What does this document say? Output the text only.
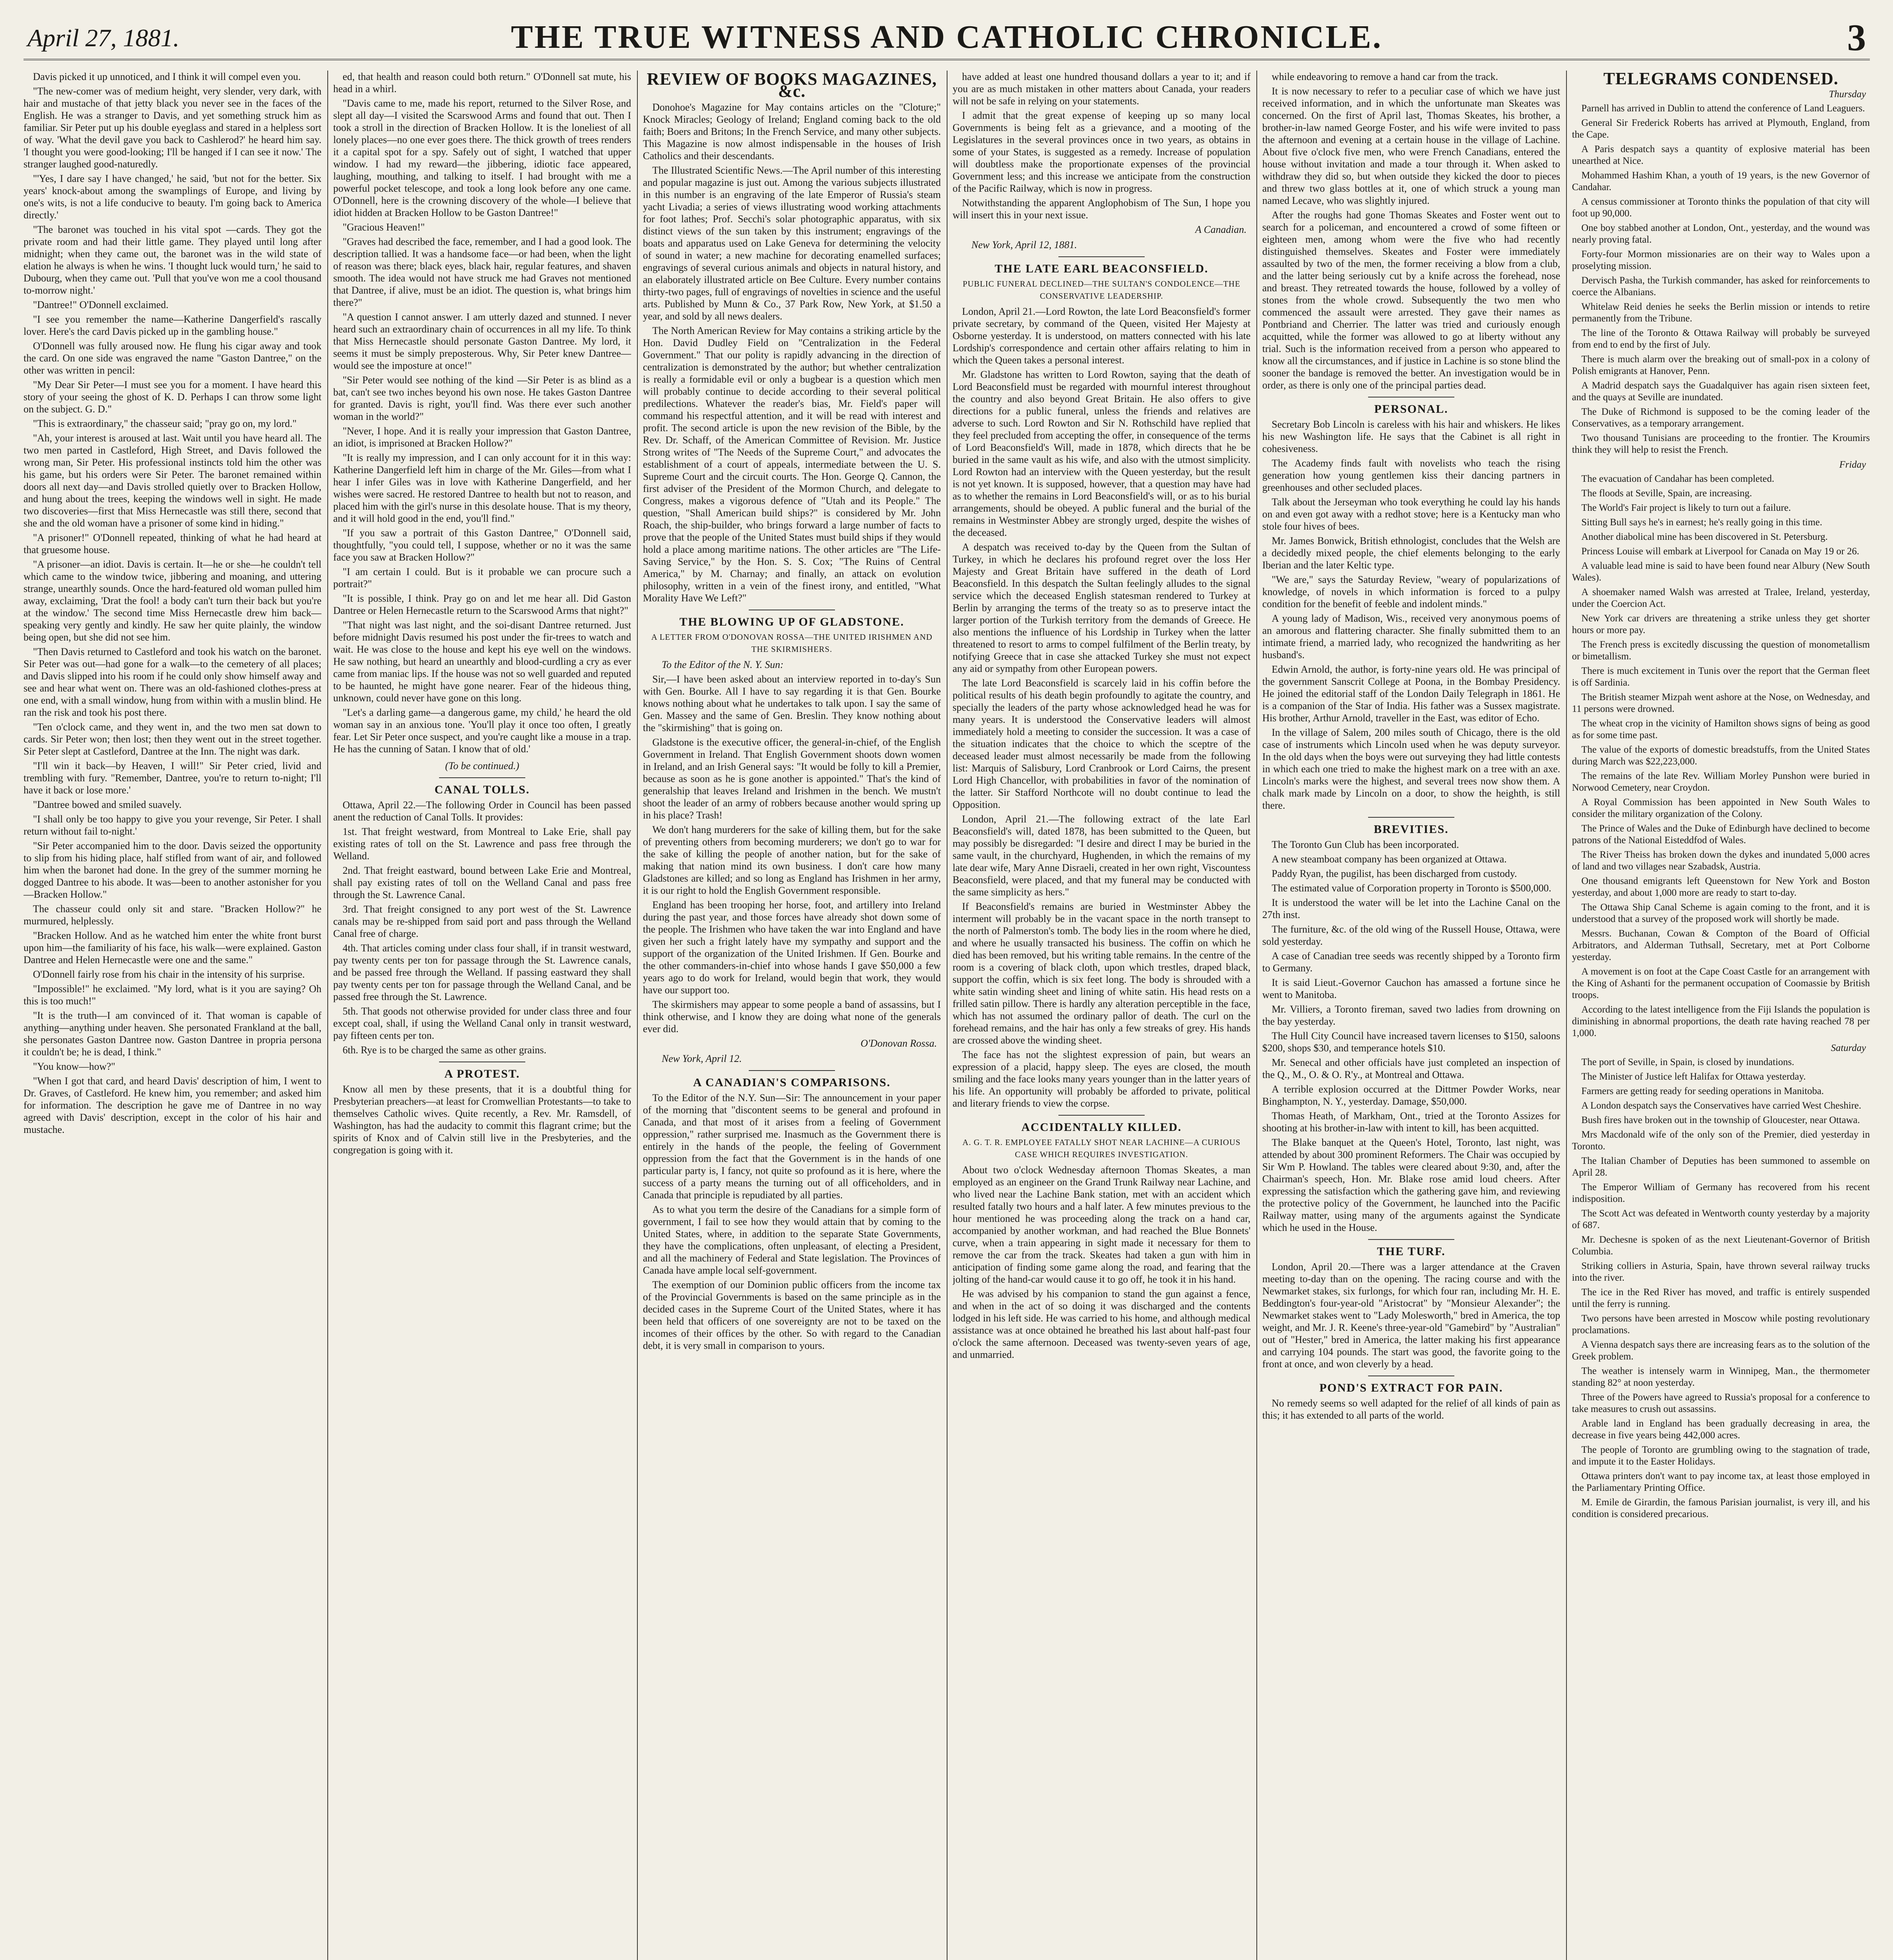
April 27, 1881.	THE TRUE WITNESS AND CATHOLIC CHRONICLE.	3

Davis picked it up unnoticed, and I think it will compel even you.

"The new-comer was of medium height, very slender, very dark, with hair and mustache of that jetty black you never see in the faces of the English. He was a stranger to Davis, and yet something struck him as familiar. Sir Peter put up his double eyeglass and stared in a helpless sort of way. 'What the devil gave you back to Cashlerod?' he heard him say. 'I thought you were good-looking; I'll be hanged if I can see it now.' The stranger laughed good-naturedly.

"'Yes, I dare say I have changed,' he said, 'but not for the better. Six years' knock-about among the swamplings of Europe, and living by one's wits, is not a life conducive to beauty. I'm going back to America directly.'

"The baronet was touched in his vital spot —cards. They got the private room and had their little game. They played until long after midnight; when they came out, the baronet was in the wild state of elation he always is when he wins. 'I thought luck would turn,' he said to Dubourg, when they came out. 'Pull that you've won me a cool thousand to-morrow night.'

"Dantree!" O'Donnell exclaimed.

"I see you remember the name—Katherine Dangerfield's rascally lover. Here's the card Davis picked up in the gambling house."

O'Donnell was fully aroused now. He flung his cigar away and took the card. On one side was engraved the name "Gaston Dantree," on the other was written in pencil:

"My Dear Sir Peter—I must see you for a moment. I have heard this story of your seeing the ghost of K. D. Perhaps I can throw some light on the subject. G. D."

"This is extraordinary," the chasseur said; "pray go on, my lord."

"Ah, your interest is aroused at last. Wait until you have heard all. The two men parted in Castleford, High Street, and Davis followed the wrong man, Sir Peter. His professional instincts told him the other was his game, but his orders were Sir Peter. The baronet remained within doors all next day—and Davis strolled quietly over to Bracken Hollow, and hung about the trees, keeping the windows well in sight. He made two discoveries—first that Miss Hernecastle was still there, second that she and the old woman have a prisoner of some kind in hiding."

"A prisoner!" O'Donnell repeated, thinking of what he had heard at that gruesome house.

"A prisoner—an idiot. Davis is certain. It—he or she—he couldn't tell which came to the window twice, jibbering and moaning, and uttering strange, unearthly sounds. Once the hard-featured old woman pulled him away, exclaiming, 'Drat the fool! a body can't turn their back but you're at the window.' The second time Miss Hernecastle drew him back—speaking very gently and kindly. He saw her quite plainly, the window being open, but she did not see him.

"Then Davis returned to Castleford and took his watch on the baronet. Sir Peter was out—had gone for a walk—to the cemetery of all places; and Davis slipped into his room if he could only show himself away and see and hear what went on. There was an old-fashioned clothes-press at one end, with a small window, hung from within with a muslin blind. He ran the risk and took his post there.

"Ten o'clock came, and they went in, and the two men sat down to cards. Sir Peter won; then lost; then they went out in the street together. Sir Peter slept at Castleford, Dantree at the Inn. The night was dark.

"I'll win it back—by Heaven, I will!" Sir Peter cried, livid and trembling with fury. "Remember, Dantree, you're to return to-night; I'll have it back or lose more.'

"Dantree bowed and smiled suavely.

"I shall only be too happy to give you your revenge, Sir Peter. I shall return without fail to-night.'

"Sir Peter accompanied him to the door. Davis seized the opportunity to slip from his hiding place, half stifled from want of air, and followed him when the baronet had done. In the grey of the summer morning he dogged Dantree to his abode. It was—been to another astonisher for you—Bracken Hollow."

The chasseur could only sit and stare. "Bracken Hollow?" he murmured, helplessly.

"Bracken Hollow. And as he watched him enter the white front burst upon him—the familiarity of his face, his walk—were explained. Gaston Dantree and Helen Hernecastle were one and the same."

O'Donnell fairly rose from his chair in the intensity of his surprise.

"Impossible!" he exclaimed. "My lord, what is it you are saying? Oh this is too much!"

"It is the truth—I am convinced of it. That woman is capable of anything—anything under heaven. She personated Frankland at the ball, she personates Gaston Dantree now. Gaston Dantree in propria persona it couldn't be; he is dead, I think."

"You know—how?"

"When I got that card, and heard Davis' description of him, I went to Dr. Graves, of Castleford. He knew him, you remember; and asked him for information. The description he gave me of Dantree in no way agreed with Davis' description, except in the color of his hair and mustache.

ed, that health and reason could both return." O'Donnell sat mute, his head in a whirl.

"Davis came to me, made his report, returned to the Silver Rose, and slept all day—I visited the Scarswood Arms and found that out. Then I took a stroll in the direction of Bracken Hollow. It is the loneliest of all lonely places—no one ever goes there. The thick growth of trees renders it a capital spot for a spy. Safely out of sight, I watched that upper window. I had my reward—the jibbering, idiotic face appeared, laughing, mouthing, and talking to itself. I had brought with me a powerful pocket telescope, and took a long look before any one came. O'Donnell, here is the crowning discovery of the whole—I believe that idiot hidden at Bracken Hollow to be Gaston Dantree!"

"Gracious Heaven!"

"Graves had described the face, remember, and I had a good look. The description tallied. It was a handsome face—or had been, when the light of reason was there; black eyes, black hair, regular features, and shaven smooth. The idea would not have struck me had Graves not mentioned that Dantree, if alive, must be an idiot. The question is, what brings him there?"

"A question I cannot answer. I am utterly dazed and stunned. I never heard such an extraordinary chain of occurrences in all my life. To think that Miss Hernecastle should personate Gaston Dantree. My lord, it seems it must be simply preposterous. Why, Sir Peter knew Dantree—would see the imposture at once!"

"Sir Peter would see nothing of the kind —Sir Peter is as blind as a bat, can't see two inches beyond his own nose. He takes Gaston Dantree for granted. Davis is right, you'll find. Was there ever such another woman in the world?"

"Never, I hope. And it is really your impression that Gaston Dantree, an idiot, is imprisoned at Bracken Hollow?"

"It is really my impression, and I can only account for it in this way: Katherine Dangerfield left him in charge of the Mr. Giles—from what I hear I infer Giles was in love with Katherine Dangerfield, and her wishes were sacred. He restored Dantree to health but not to reason, and placed him with the girl's nurse in this desolate house. That is my theory, and it will hold good in the end, you'll find."

"If you saw a portrait of this Gaston Dantree," O'Donnell said, thoughtfully, "you could tell, I suppose, whether or no it was the same face you saw at Bracken Hollow?"

"I am certain I could. But is it probable we can procure such a portrait?"

"It is possible, I think. Pray go on and let me hear all. Did Gaston Dantree or Helen Hernecastle return to the Scarswood Arms that night?"

"That night was last night, and the soi-disant Dantree returned. Just before midnight Davis resumed his post under the fir-trees to watch and wait. He was close to the house and kept his eye well on the windows. He saw nothing, but heard an unearthly and blood-curdling a cry as ever came from maniac lips. If the house was not so well guarded and reputed to be haunted, he might have gone nearer. Fear of the hideous thing, unknown, could never have gone on this long.

"Let's a darling game—a dangerous game, my child,' he heard the old woman say in an anxious tone. 'You'll play it once too often, I greatly fear. Let Sir Peter once suspect, and you're caught like a mouse in a trap. He has the cunning of Satan. I know that of old.'

(To be continued.)
CANAL TOLLS.

Ottawa, April 22.—The following Order in Council has been passed anent the reduction of Canal Tolls. It provides:

1st. That freight westward, from Montreal to Lake Erie, shall pay existing rates of toll on the St. Lawrence and pass free through the Welland.

2nd. That freight eastward, bound between Lake Erie and Montreal, shall pay existing rates of toll on the Welland Canal and pass free through the St. Lawrence Canal.

3rd. That freight consigned to any port west of the St. Lawrence canals may be re-shipped from said port and pass through the Welland Canal free of charge.

4th. That articles coming under class four shall, if in transit westward, pay twenty cents per ton for passage through the St. Lawrence canals, and be passed free through the Welland. If passing eastward they shall pay twenty cents per ton for passage through the Welland Canal, and be passed free through the St. Lawrence.

5th. That goods not otherwise provided for under class three and four except coal, shall, if using the Welland Canal only in transit westward, pay fifteen cents per ton.

6th. Rye is to be charged the same as other grains.

A PROTEST.

Know all men by these presents, that it is a doubtful thing for Presbyterian preachers—at least for Cromwellian Protestants—to take to themselves Catholic wives. Quite recently, a Rev. Mr. Ramsdell, of Washington, has had the audacity to commit this flagrant crime; but the spirits of Knox and of Calvin still live in the Presbyteries, and the congregation is going with it.

REVIEW OF BOOKS MAGAZINES, &c.

Donohoe's Magazine for May contains articles on the "Cloture;" Knock Miracles; Geology of Ireland; England coming back to the old faith; Boers and Britons; In the French Service, and many other subjects. This Magazine is now almost indispensable in the houses of Irish Catholics and their descendants.

The Illustrated Scientific News.—The April number of this interesting and popular magazine is just out. Among the various subjects illustrated in this number is an engraving of the late Emperor of Russia's steam yacht Livadia; a series of views illustrating wood working attachments for foot lathes; Prof. Secchi's solar photographic apparatus, with six distinct views of the sun taken by this instrument; engravings of the boats and apparatus used on Lake Geneva for determining the velocity of sound in water; a new machine for decorating enamelled surfaces; engravings of several curious animals and objects in natural history, and an elaborately illustrated article on Bee Culture. Every number contains thirty-two pages, full of engravings of novelties in science and the useful arts. Published by Munn & Co., 37 Park Row, New York, at $1.50 a year, and sold by all news dealers.

The North American Review for May contains a striking article by the Hon. David Dudley Field on "Centralization in the Federal Government." That our polity is rapidly advancing in the direction of centralization is demonstrated by the author; but whether centralization is really a formidable evil or only a bugbear is a question which men will probably continue to decide according to their several political predilections. Whatever the reader's bias, Mr. Field's paper will command his respectful attention, and it will be read with interest and profit. The second article is upon the new revision of the Bible, by the Rev. Dr. Schaff, of the American Committee of Revision. Mr. Justice Strong writes of "The Needs of the Supreme Court," and advocates the establishment of a court of appeals, intermediate between the U. S. Supreme Court and the circuit courts. The Hon. George Q. Cannon, the first adviser of the President of the Mormon Church, and delegate to Congress, makes a vigorous defence of "Utah and its People." The question, "Shall American build ships?" is considered by Mr. John Roach, the ship-builder, who brings forward a large number of facts to prove that the people of the United States must build ships if they would hold a place among maritime nations. The other articles are "The Life-Saving Service," by the Hon. S. S. Cox; "The Ruins of Central America," by M. Charnay; and finally, an attack on evolution philosophy, written in a vein of the finest irony, and entitled, "What Morality Have We Left?"

THE BLOWING UP OF GLADSTONE.
A LETTER FROM O'DONOVAN ROSSA—THE UNITED IRISHMEN AND THE SKIRMISHERS.

To the Editor of the N. Y. Sun:

Sir,—I have been asked about an interview reported in to-day's Sun with Gen. Bourke. All I have to say regarding it is that Gen. Bourke knows nothing about what he undertakes to talk upon. I say the same of Gen. Massey and the same of Gen. Breslin. They know nothing about the "skirmishing" that is going on.

Gladstone is the executive officer, the general-in-chief, of the English Government in Ireland. That English Government shoots down women in Ireland, and an Irish General says: "It would be folly to kill a Premier, because as soon as he is gone another is appointed." That's the kind of generalship that leaves Ireland and Irishmen in the bench. We mustn't shoot the leader of an army of robbers because another would spring up in his place? Trash!

We don't hang murderers for the sake of killing them, but for the sake of preventing others from becoming murderers; we don't go to war for the sake of killing the people of another nation, but for the sake of making that nation mind its own business. I don't care how many Gladstones are killed; and so long as England has Irishmen in her army, it is our right to hold the English Government responsible.

England has been trooping her horse, foot, and artillery into Ireland during the past year, and those forces have already shot down some of the people. The Irishmen who have taken the war into England and have given her such a fright lately have my sympathy and support and the support of the organization of the United Irishmen. If Gen. Bourke and the other commanders-in-chief into whose hands I gave $50,000 a few years ago to do work for Ireland, would begin that work, they would have our support too.

The skirmishers may appear to some people a band of assassins, but I think otherwise, and I know they are doing what none of the generals ever did.

O'Donovan Rossa.

New York, April 12.

A CANADIAN'S COMPARISONS.

To the Editor of the N.Y. Sun—Sir: The announcement in your paper of the morning that "discontent seems to be general and profound in Canada, and that most of it arises from a feeling of Government oppression," rather surprised me. Inasmuch as the Government there is entirely in the hands of the people, the feeling of Government oppression from the fact that the Government is in the hands of one particular party is, I fancy, not quite so profound as it is here, where the success of a party means the turning out of all officeholders, and in Canada that principle is repudiated by all parties.

As to what you term the desire of the Canadians for a simple form of government, I fail to see how they would attain that by coming to the United States, where, in addition to the separate State Governments, they have the complications, often unpleasant, of electing a President, and all the machinery of Federal and State legislation. The Provinces of Canada have ample local self-government.

The exemption of our Dominion public officers from the income tax of the Provincial Governments is based on the same principle as in the decided cases in the Supreme Court of the United States, where it has been held that officers of one sovereignty are not to be taxed on the incomes of their offices by the other. So with regard to the Canadian debt, it is very small in comparison to yours.

have added at least one hundred thousand dollars a year to it; and if you are as much mistaken in other matters about Canada, your readers will not be safe in relying on your statements.

I admit that the great expense of keeping up so many local Governments is being felt as a grievance, and a mooting of the Legislatures in the several provinces once in two years, as obtains in some of your States, is suggested as a remedy. Increase of population will doubtless make the proportionate expenses of the provincial Government less; and this increase we anticipate from the construction of the Pacific Railway, which is now in progress.

Notwithstanding the apparent Anglophobism of The Sun, I hope you will insert this in your next issue.

A Canadian.

New York, April 12, 1881.

THE LATE EARL BEACONSFIELD.
PUBLIC FUNERAL DECLINED—THE SULTAN'S CONDOLENCE—THE CONSERVATIVE LEADERSHIP.

London, April 21.—Lord Rowton, the late Lord Beaconsfield's former private secretary, by command of the Queen, visited Her Majesty at Osborne yesterday. It is understood, on matters connected with his late Lordship's correspondence and certain other affairs relating to him in which the Queen takes a personal interest.

Mr. Gladstone has written to Lord Rowton, saying that the death of Lord Beaconsfield must be regarded with mournful interest throughout the country and also beyond Great Britain. He also offers to give directions for a public funeral, unless the friends and relatives are adverse to such. Lord Rowton and Sir N. Rothschild have replied that they feel precluded from accepting the offer, in consequence of the terms of Lord Beaconsfield's Will, made in 1878, which directs that he be buried in the same vault as his wife, and also with the utmost simplicity. Lord Rowton had an interview with the Queen yesterday, but the result is not yet known. It is supposed, however, that a question may have had as to whether the remains in Lord Beaconsfield's will, or as to his burial arrangements, should be obeyed. A public funeral and the burial of the remains in Westminster Abbey are strongly urged, despite the wishes of the deceased.

A despatch was received to-day by the Queen from the Sultan of Turkey, in which he declares his profound regret over the loss Her Majesty and Great Britain have suffered in the death of Lord Beaconsfield. In this despatch the Sultan feelingly alludes to the signal service which the deceased English statesman rendered to Turkey at Berlin by arranging the terms of the treaty so as to preserve intact the larger portion of the Turkish territory from the demands of Greece. He also mentions the influence of his Lordship in Turkey when the latter threatened to resort to arms to compel fulfilment of the Berlin treaty, by notifying Greece that in case she attacked Turkey she must not expect any aid or sympathy from other European powers.

The late Lord Beaconsfield is scarcely laid in his coffin before the political results of his death begin profoundly to agitate the country, and specially the leaders of the party whose acknowledged head he was for many years. It is understood the Conservative leaders will almost immediately hold a meeting to consider the succession. It was a case of the situation indicates that the choice to which the sceptre of the deceased leader must almost necessarily be made from the following list: Marquis of Salisbury, Lord Cranbrook or Lord Cairns, the present Lord High Chancellor, with probabilities in favor of the nomination of the latter. Sir Stafford Northcote will no doubt continue to lead the Opposition.

London, April 21.—The following extract of the late Earl Beaconsfield's will, dated 1878, has been submitted to the Queen, but may possibly be disregarded: "I desire and direct I may be buried in the same vault, in the churchyard, Hughenden, in which the remains of my late dear wife, Mary Anne Disraeli, created in her own right, Viscountess Beaconsfield, were placed, and that my funeral may be conducted with the same simplicity as hers."

If Beaconsfield's remains are buried in Westminster Abbey the interment will probably be in the vacant space in the north transept to the north of Palmerston's tomb. The body lies in the room where he died, and where he usually transacted his business. The coffin on which he died has been removed, but his writing table remains. In the centre of the room is a covering of black cloth, upon which trestles, draped black, support the coffin, which is six feet long. The body is shrouded with a white satin winding sheet and lining of white satin. His head rests on a frilled satin pillow. There is hardly any alteration perceptible in the face, which has not assumed the ordinary pallor of death. The curl on the forehead remains, and the hair has only a few streaks of grey. His hands are crossed above the winding sheet.

The face has not the slightest expression of pain, but wears an expression of a placid, happy sleep. The eyes are closed, the mouth smiling and the face looks many years younger than in the latter years of his life. An opportunity will probably be afforded to private, political and literary friends to view the corpse.

ACCIDENTALLY KILLED.
A. G. T. R. EMPLOYEE FATALLY SHOT NEAR LACHINE—A CURIOUS CASE WHICH REQUIRES INVESTIGATION.

About two o'clock Wednesday afternoon Thomas Skeates, a man employed as an engineer on the Grand Trunk Railway near Lachine, and who lived near the Lachine Bank station, met with an accident which resulted fatally two hours and a half later. A few minutes previous to the hour mentioned he was proceeding along the track on a hand car, accompanied by another workman, and had reached the Blue Bonnets' curve, when a train appearing in sight made it necessary for them to remove the car from the track. Skeates had taken a gun with him in anticipation of finding some game along the road, and fearing that the jolting of the hand-car would cause it to go off, he took it in his hand.

He was advised by his companion to stand the gun against a fence, and when in the act of so doing it was discharged and the contents lodged in his left side. He was carried to his home, and although medical assistance was at once obtained he breathed his last about half-past four o'clock the same afternoon. Deceased was twenty-seven years of age, and unmarried.

while endeavoring to remove a hand car from the track.

It is now necessary to refer to a peculiar case of which we have just received information, and in which the unfortunate man Skeates was concerned. On the first of April last, Thomas Skeates, his brother, a brother-in-law named George Foster, and his wife were invited to pass the afternoon and evening at a certain house in the village of Lachine. About five o'clock five men, who were French Canadians, entered the house without invitation and made a tour through it. When asked to withdraw they did so, but when outside they kicked the door to pieces and threw two glass bottles at it, one of which struck a young man named Lecave, who was slightly injured.

After the roughs had gone Thomas Skeates and Foster went out to search for a policeman, and encountered a crowd of some fifteen or eighteen men, among whom were the five who had recently distinguished themselves. Skeates and Foster were immediately assaulted by two of the men, the former receiving a blow from a club, and the latter being seriously cut by a knife across the forehead, nose and breast. They retreated towards the house, followed by a volley of stones from the whole crowd. Subsequently the two men who commenced the assault were arrested. They gave their names as Pontbriand and Cherrier. The latter was tried and curiously enough acquitted, while the former was allowed to go at liberty without any trial. Such is the information received from a person who appeared to know all the circumstances, and if justice in Lachine is so stone blind the sooner the bandage is removed the better. An investigation would be in order, as there is only one of the principal parties dead.

PERSONAL.

Secretary Bob Lincoln is careless with his hair and whiskers. He likes his new Washington life. He says that the Cabinet is all right in cohesiveness.

The Academy finds fault with novelists who teach the rising generation how young gentlemen kiss their dancing partners in greenhouses and other secluded places.

Talk about the Jerseyman who took everything he could lay his hands on and even got away with a redhot stove; here is a Kentucky man who stole four hives of bees.

Mr. James Bonwick, British ethnologist, concludes that the Welsh are a decidedly mixed people, the chief elements belonging to the early Iberian and the later Keltic type.

"We are," says the Saturday Review, "weary of popularizations of knowledge, of novels in which information is forced to a pulpy condition for the benefit of feeble and indolent minds."

A young lady of Madison, Wis., received very anonymous poems of an amorous and flattering character. She finally submitted them to an intimate friend, a married lady, who recognized the handwriting as her husband's.

Edwin Arnold, the author, is forty-nine years old. He was principal of the government Sanscrit College at Poona, in the Bombay Presidency. He joined the editorial staff of the London Daily Telegraph in 1861. He is a companion of the Star of India. His father was a Sussex magistrate. His brother, Arthur Arnold, traveller in the East, was editor of Echo.

In the village of Salem, 200 miles south of Chicago, there is the old case of instruments which Lincoln used when he was deputy surveyor. In the old days when the boys were out surveying they had little contests in which each one tried to make the highest mark on a tree with an axe. Lincoln's marks were the highest, and several trees now show them. A chalk mark made by Lincoln on a door, to show the heighth, is still there.

BREVITIES.

The Toronto Gun Club has been incorporated.

A new steamboat company has been organized at Ottawa.

Paddy Ryan, the pugilist, has been discharged from custody.

The estimated value of Corporation property in Toronto is $500,000.

It is understood the water will be let into the Lachine Canal on the 27th inst.

The furniture, &c. of the old wing of the Russell House, Ottawa, were sold yesterday.

A case of Canadian tree seeds was recently shipped by a Toronto firm to Germany.

It is said Lieut.-Governor Cauchon has amassed a fortune since he went to Manitoba.

Mr. Villiers, a Toronto fireman, saved two ladies from drowning on the bay yesterday.

The Hull City Council have increased tavern licenses to $150, saloons $200, shops $30, and temperance hotels $10.

Mr. Senecal and other officials have just completed an inspection of the Q., M., O. & O. R'y., at Montreal and Ottawa.

A terrible explosion occurred at the Dittmer Powder Works, near Binghampton, N. Y., yesterday. Damage, $50,000.

Thomas Heath, of Markham, Ont., tried at the Toronto Assizes for shooting at his brother-in-law with intent to kill, has been acquitted.

The Blake banquet at the Queen's Hotel, Toronto, last night, was attended by about 300 prominent Reformers. The Chair was occupied by Sir Wm P. Howland. The tables were cleared about 9:30, and, after the Chairman's speech, Hon. Mr. Blake rose amid loud cheers. After expressing the satisfaction which the gathering gave him, and reviewing the protective policy of the Government, he launched into the Pacific Railway matter, using many of the arguments against the Syndicate which he used in the House.

THE TURF.

London, April 20.—There was a larger attendance at the Craven meeting to-day than on the opening. The racing course and with the Newmarket stakes, six furlongs, for which four ran, including Mr. H. E. Beddington's four-year-old "Aristocrat" by "Monsieur Alexander"; the Newmarket stakes went to "Lady Molesworth," bred in America, the top weight, and Mr. J. R. Keene's three-year-old "Gamebird" by "Australian" out of "Hester," bred in America, the latter making his first appearance and carrying 104 pounds. The start was good, the favorite going to the front at once, and won cleverly by a head.

POND'S EXTRACT FOR PAIN.

No remedy seems so well adapted for the relief of all kinds of pain as this; it has extended to all parts of the world.

TELEGRAMS CONDENSED.
Thursday

Parnell has arrived in Dublin to attend the conference of Land Leaguers.

General Sir Frederick Roberts has arrived at Plymouth, England, from the Cape.

A Paris despatch says a quantity of explosive material has been unearthed at Nice.

Mohammed Hashim Khan, a youth of 19 years, is the new Governor of Candahar.

A census commissioner at Toronto thinks the population of that city will foot up 90,000.

One boy stabbed another at London, Ont., yesterday, and the wound was nearly proving fatal.

Forty-four Mormon missionaries are on their way to Wales upon a proselyting mission.

Dervisch Pasha, the Turkish commander, has asked for reinforcements to coerce the Albanians.

Whitelaw Reid denies he seeks the Berlin mission or intends to retire permanently from the Tribune.

The line of the Toronto & Ottawa Railway will probably be surveyed from end to end by the first of July.

There is much alarm over the breaking out of small-pox in a colony of Polish emigrants at Hanover, Penn.

A Madrid despatch says the Guadalquiver has again risen sixteen feet, and the quays at Seville are inundated.

The Duke of Richmond is supposed to be the coming leader of the Conservatives, as a temporary arrangement.

Two thousand Tunisians are proceeding to the frontier. The Kroumirs think they will help to resist the French.

Friday

The evacuation of Candahar has been completed.

The floods at Seville, Spain, are increasing.

The World's Fair project is likely to turn out a failure.

Sitting Bull says he's in earnest; he's really going in this time.

Another diabolical mine has been discovered in St. Petersburg.

Princess Louise will embark at Liverpool for Canada on May 19 or 26.

A valuable lead mine is said to have been found near Albury (New South Wales).

A shoemaker named Walsh was arrested at Tralee, Ireland, yesterday, under the Coercion Act.

New York car drivers are threatening a strike unless they get shorter hours or more pay.

The French press is excitedly discussing the question of monometallism or bimetallism.

There is much excitement in Tunis over the report that the German fleet is off Sardinia.

The British steamer Mizpah went ashore at the Nose, on Wednesday, and 11 persons were drowned.

The wheat crop in the vicinity of Hamilton shows signs of being as good as for some time past.

The value of the exports of domestic breadstuffs, from the United States during March was $22,223,000.

The remains of the late Rev. William Morley Punshon were buried in Norwood Cemetery, near Croydon.

A Royal Commission has been appointed in New South Wales to consider the military organization of the Colony.

The Prince of Wales and the Duke of Edinburgh have declined to become patrons of the National Eisteddfod of Wales.

The River Theiss has broken down the dykes and inundated 5,000 acres of land and two villages near Szabadsk, Austria.

One thousand emigrants left Queenstown for New York and Boston yesterday, and about 1,000 more are ready to start to-day.

The Ottawa Ship Canal Scheme is again coming to the front, and it is understood that a survey of the proposed work will shortly be made.

Messrs. Buchanan, Cowan & Compton of the Board of Official Arbitrators, and Alderman Tuthsall, Secretary, met at Port Colborne yesterday.

A movement is on foot at the Cape Coast Castle for an arrangement with the King of Ashanti for the permanent occupation of Coomassie by British troops.

According to the latest intelligence from the Fiji Islands the population is diminishing in abnormal proportions, the death rate having reached 78 per 1,000.

Saturday

The port of Seville, in Spain, is closed by inundations.

The Minister of Justice left Halifax for Ottawa yesterday.

Farmers are getting ready for seeding operations in Manitoba.

A London despatch says the Conservatives have carried West Cheshire.

Bush fires have broken out in the township of Gloucester, near Ottawa.

Mrs Macdonald wife of the only son of the Premier, died yesterday in Toronto.

The Italian Chamber of Deputies has been summoned to assemble on April 28.

The Emperor William of Germany has recovered from his recent indisposition.

The Scott Act was defeated in Wentworth county yesterday by a majority of 687.

Mr. Dechesne is spoken of as the next Lieutenant-Governor of British Columbia.

Striking colliers in Asturia, Spain, have thrown several railway trucks into the river.

The ice in the Red River has moved, and traffic is entirely suspended until the ferry is running.

Two persons have been arrested in Moscow while posting revolutionary proclamations.

A Vienna despatch says there are increasing fears as to the solution of the Greek problem.

The weather is intensely warm in Winnipeg, Man., the thermometer standing 82° at noon yesterday.

Three of the Powers have agreed to Russia's proposal for a conference to take measures to crush out assassins.

Arable land in England has been gradually decreasing in area, the decrease in five years being 442,000 acres.

The people of Toronto are grumbling owing to the stagnation of trade, and impute it to the Easter Holidays.

Ottawa printers don't want to pay income tax, at least those employed in the Parliamentary Printing Office.

M. Emile de Girardin, the famous Parisian journalist, is very ill, and his condition is considered precarious.
